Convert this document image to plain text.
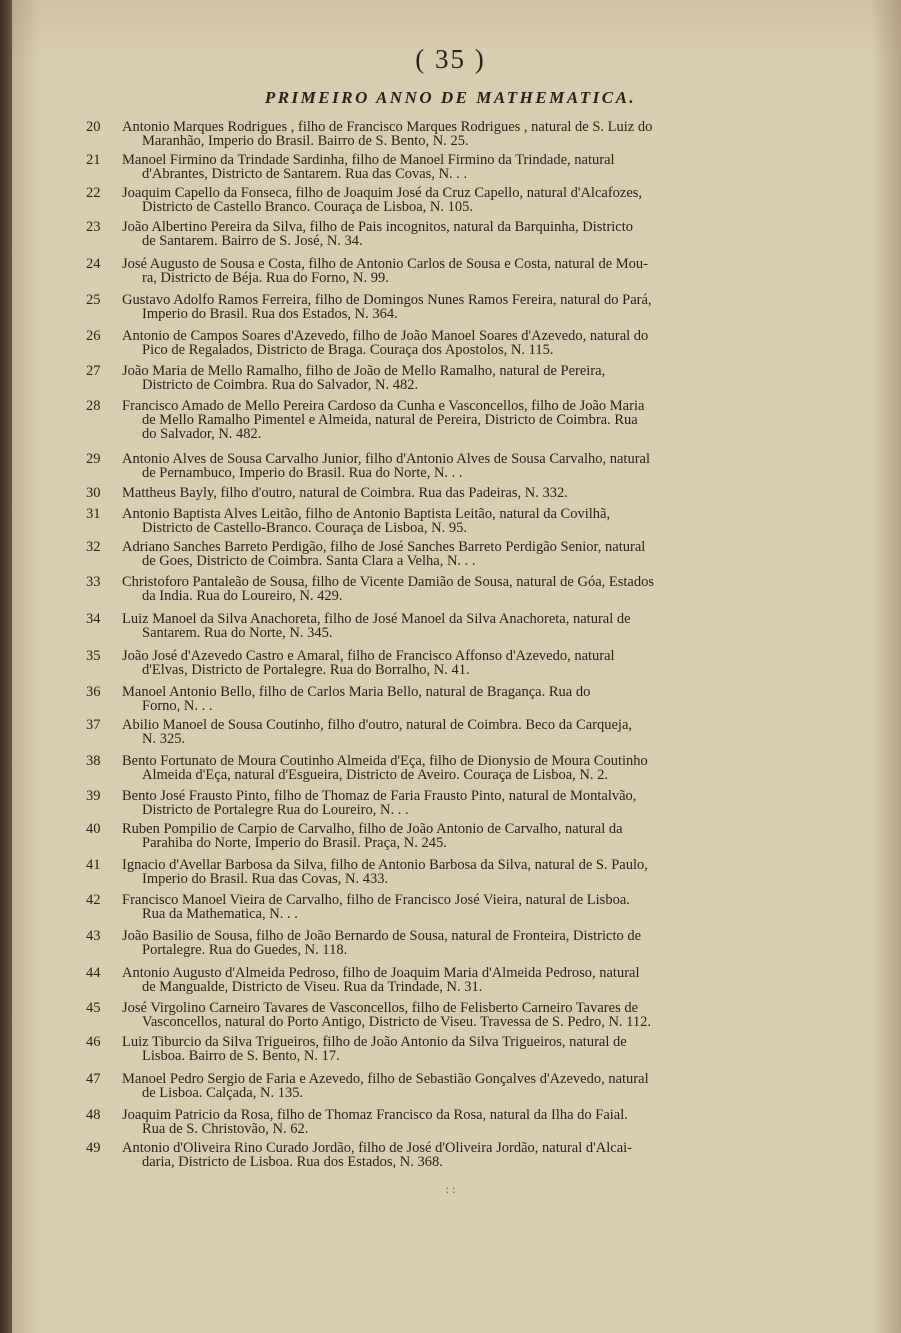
( 35 )
PRIMEIRO ANNO DE MATHEMATICA.
20	Antonio Marques Rodrigues , filho de Francisco Marques Rodrigues , natural de S. Luiz do
Maranhão, Imperio do Brasil. Bairro de S. Bento, N. 25.
21	Manoel Firmino da Trindade Sardinha, filho de Manoel Firmino da Trindade, natural
d'Abrantes, Districto de Santarem. Rua das Covas, N. . .
22	Joaquim Capello da Fonseca, filho de Joaquim José da Cruz Capello, natural d'Alcafozes,
Districto de Castello Branco. Couraça de Lisboa, N. 105.
23	João Albertino Pereira da Silva, filho de Pais incognitos, natural da Barquinha, Districto
de Santarem. Bairro de S. José, N. 34.
24	José Augusto de Sousa e Costa, filho de Antonio Carlos de Sousa e Costa, natural de Mou-
ra, Districto de Béja. Rua do Forno, N. 99.
25	Gustavo Adolfo Ramos Ferreira, filho de Domingos Nunes Ramos Fereira, natural do Pará,
Imperio do Brasil. Rua dos Estados, N. 364.
26	Antonio de Campos Soares d'Azevedo, filho de João Manoel Soares d'Azevedo, natural do
Pico de Regalados, Districto de Braga. Couraça dos Apostolos, N. 115.
27	João Maria de Mello Ramalho, filho de João de Mello Ramalho, natural de Pereira,
Districto de Coimbra. Rua do Salvador, N. 482.
28	Francisco Amado de Mello Pereira Cardoso da Cunha e Vasconcellos, filho de João Maria
de Mello Ramalho Pimentel e Almeida, natural de Pereira, Districto de Coimbra. Rua
do Salvador, N. 482.
29	Antonio Alves de Sousa Carvalho Junior, filho d'Antonio Alves de Sousa Carvalho, natural
de Pernambuco, Imperio do Brasil. Rua do Norte, N. . .
30	Mattheus Bayly, filho d'outro, natural de Coimbra. Rua das Padeiras, N. 332.
31	Antonio Baptista Alves Leitão, filho de Antonio Baptista Leitão, natural da Covilhã,
Districto de Castello-Branco. Couraça de Lisboa, N. 95.
32	Adriano Sanches Barreto Perdigão, filho de José Sanches Barreto Perdigão Senior, natural
de Goes, Districto de Coimbra. Santa Clara a Velha, N. . .
33	Christoforo Pantaleão de Sousa, filho de Vicente Damião de Sousa, natural de Góa, Estados
da India. Rua do Loureiro, N. 429.
34	Luiz Manoel da Silva Anachoreta, filho de José Manoel da Silva Anachoreta, natural de
Santarem. Rua do Norte, N. 345.
35	João José d'Azevedo Castro e Amaral, filho de Francisco Affonso d'Azevedo, natural
d'Elvas, Districto de Portalegre. Rua do Borralho, N. 41.
36	Manoel Antonio Bello, filho de Carlos Maria Bello, natural de Bragança. Rua do
Forno, N. . .
37	Abilio Manoel de Sousa Coutinho, filho d'outro, natural de Coimbra. Beco da Carqueja,
N. 325.
38	Bento Fortunato de Moura Coutinho Almeida d'Eça, filho de Dionysio de Moura Coutinho
Almeida d'Eça, natural d'Esgueira, Districto de Aveiro. Couraça de Lisboa, N. 2.
39	Bento José Frausto Pinto, filho de Thomaz de Faria Frausto Pinto, natural de Montalvão,
Districto de Portalegre Rua do Loureiro, N. . .
40	Ruben Pompilio de Carpio de Carvalho, filho de João Antonio de Carvalho, natural da
Parahiba do Norte, Imperio do Brasil. Praça, N. 245.
41	Ignacio d'Avellar Barbosa da Silva, filho de Antonio Barbosa da Silva, natural de S. Paulo,
Imperio do Brasil. Rua das Covas, N. 433.
42	Francisco Manoel Vieira de Carvalho, filho de Francisco José Vieira, natural de Lisboa.
Rua da Mathematica, N. . .
43	João Basilio de Sousa, filho de João Bernardo de Sousa, natural de Fronteira, Districto de
Portalegre. Rua do Guedes, N. 118.
44	Antonio Augusto d'Almeida Pedroso, filho de Joaquim Maria d'Almeida Pedroso, natural
de Mangualde, Districto de Viseu. Rua da Trindade, N. 31.
45	José Virgolino Carneiro Tavares de Vasconcellos, filho de Felisberto Carneiro Tavares de
Vasconcellos, natural do Porto Antigo, Districto de Viseu. Travessa de S. Pedro, N. 112.
46	Luiz Tiburcio da Silva Trigueiros, filho de João Antonio da Silva Trigueiros, natural de
Lisboa. Bairro de S. Bento, N. 17.
47	Manoel Pedro Sergio de Faria e Azevedo, filho de Sebastião Gonçalves d'Azevedo, natural
de Lisboa. Calçada, N. 135.
48	Joaquim Patricio da Rosa, filho de Thomaz Francisco da Rosa, natural da Ilha do Faial.
Rua de S. Christovão, N. 62.
49	Antonio d'Oliveira Rino Curado Jordão, filho de José d'Oliveira Jordão, natural d'Alcai-
daria, Districto de Lisboa. Rua dos Estados, N. 368.
: :
